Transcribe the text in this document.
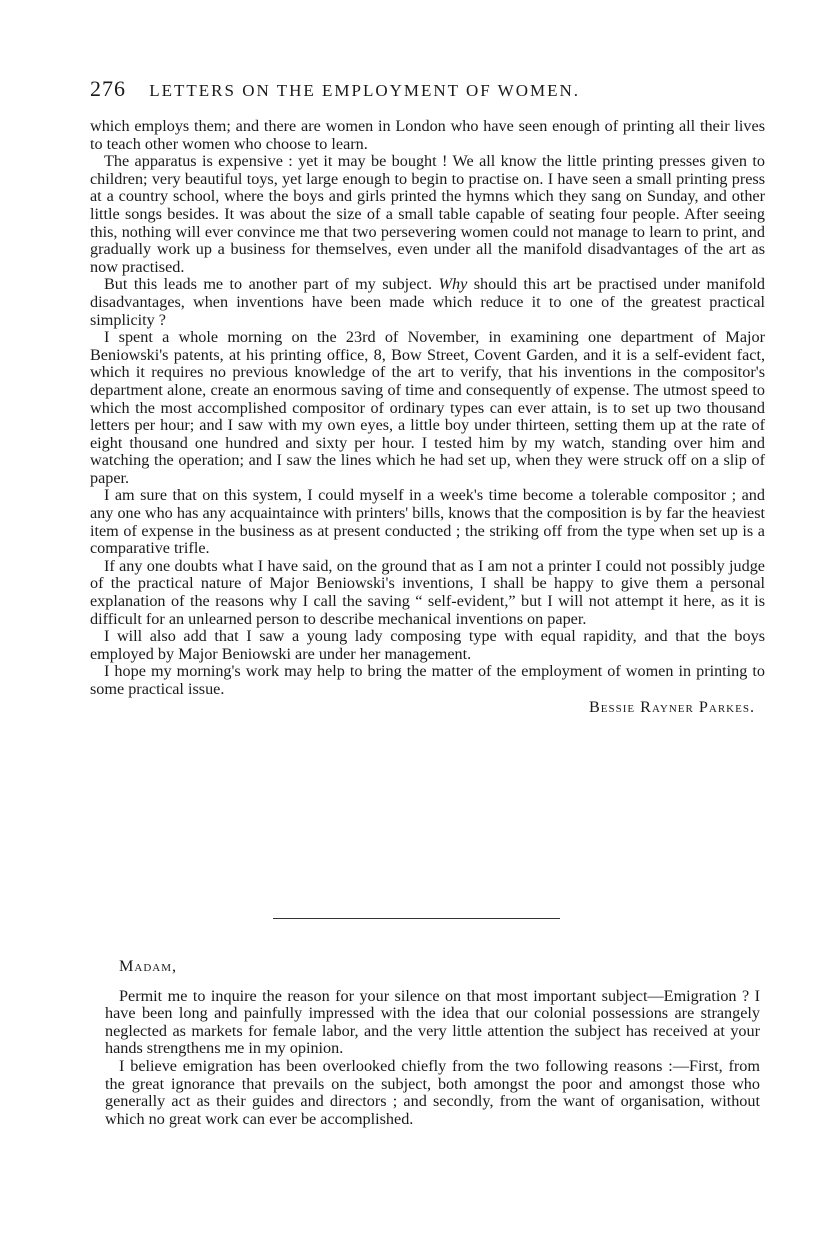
276 LETTERS ON THE EMPLOYMENT OF WOMEN.

which employs them; and there are women in London who have seen enough of printing all their lives to teach other women who choose to learn.

The apparatus is expensive : yet it may be bought ! We all know the little printing presses given to children; very beautiful toys, yet large enough to begin to practise on. I have seen a small printing press at a country school, where the boys and girls printed the hymns which they sang on Sunday, and other little songs besides. It was about the size of a small table capable of seating four people. After seeing this, nothing will ever convince me that two persevering women could not manage to learn to print, and gradually work up a business for themselves, even under all the manifold disadvantages of the art as now practised.

But this leads me to another part of my subject. Why should this art be practised under manifold disadvantages, when inventions have been made which reduce it to one of the greatest practical simplicity ?

I spent a whole morning on the 23rd of November, in examining one department of Major Beniowski's patents, at his printing office, 8, Bow Street, Covent Garden, and it is a self-evident fact, which it requires no previous knowledge of the art to verify, that his inventions in the compositor's department alone, create an enormous saving of time and consequently of expense. The utmost speed to which the most accomplished compositor of ordinary types can ever attain, is to set up two thousand letters per hour; and I saw with my own eyes, a little boy under thirteen, setting them up at the rate of eight thousand one hundred and sixty per hour. I tested him by my watch, standing over him and watching the operation; and I saw the lines which he had set up, when they were struck off on a slip of paper.

I am sure that on this system, I could myself in a week's time become a tolerable compositor ; and any one who has any acquaintaince with printers' bills, knows that the composition is by far the heaviest item of expense in the business as at present conducted ; the striking off from the type when set up is a comparative trifle.

If any one doubts what I have said, on the ground that as I am not a printer I could not possibly judge of the practical nature of Major Beniowski's inventions, I shall be happy to give them a personal explanation of the reasons why I call the saving “ self-evident,” but I will not attempt it here, as it is difficult for an unlearned person to describe mechanical inventions on paper.

I will also add that I saw a young lady composing type with equal rapidity, and that the boys employed by Major Beniowski are under her management.

I hope my morning's work may help to bring the matter of the employment of women in printing to some practical issue.

Bessie Rayner Parkes.

Madam,

Permit me to inquire the reason for your silence on that most important subject—Emigration ? I have been long and painfully impressed with the idea that our colonial possessions are strangely neglected as markets for female labor, and the very little attention the subject has received at your hands strengthens me in my opinion.

I believe emigration has been overlooked chiefly from the two following reasons :—First, from the great ignorance that prevails on the subject, both amongst the poor and amongst those who generally act as their guides and directors ; and secondly, from the want of organisation, without which no great work can ever be accomplished.
